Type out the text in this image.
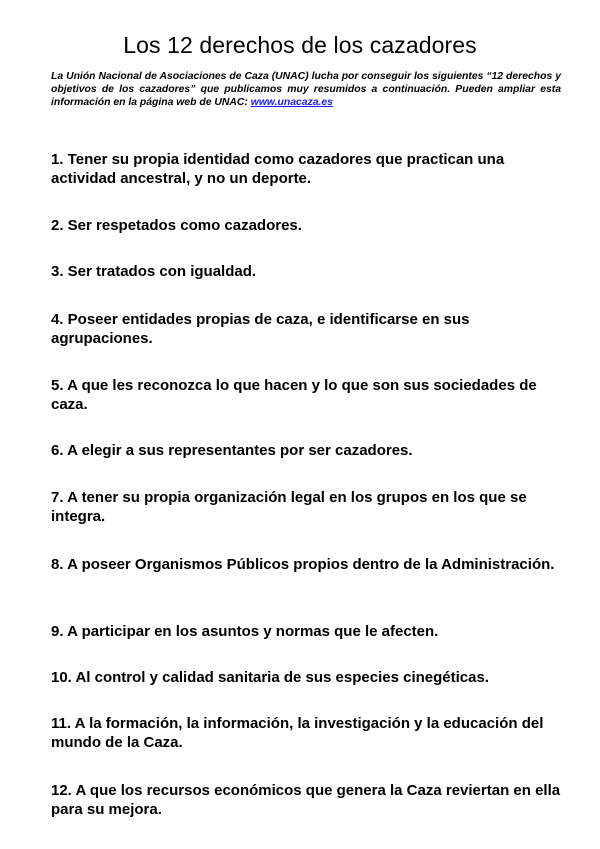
Los 12 derechos de los cazadores

La Unión Nacional de Asociaciones de Caza (UNAC) lucha por conseguir los siguientes “12 derechos y objetivos de los cazadores” que publicamos muy resumidos a continuación. Pueden ampliar esta información en la página web de UNAC: www.unacaza.es

1. Tener su propia identidad como cazadores que practican una actividad ancestral, y no un deporte.
2. Ser respetados como cazadores.
3. Ser tratados con igualdad.
4. Poseer entidades propias de caza, e identificarse en sus agrupaciones.
5. A que les reconozca lo que hacen y lo que son sus sociedades de caza.
6. A elegir a sus representantes por ser cazadores.
7. A tener su propia organización legal en los grupos en los que se integra.
8. A poseer Organismos Públicos propios dentro de la Administración.
9. A participar en los asuntos y normas que le afecten.
10. Al control y calidad sanitaria de sus especies cinegéticas.
11. A la formación, la información, la investigación y la educación del mundo de la Caza.
12. A que los recursos económicos que genera la Caza reviertan en ella para su mejora.
